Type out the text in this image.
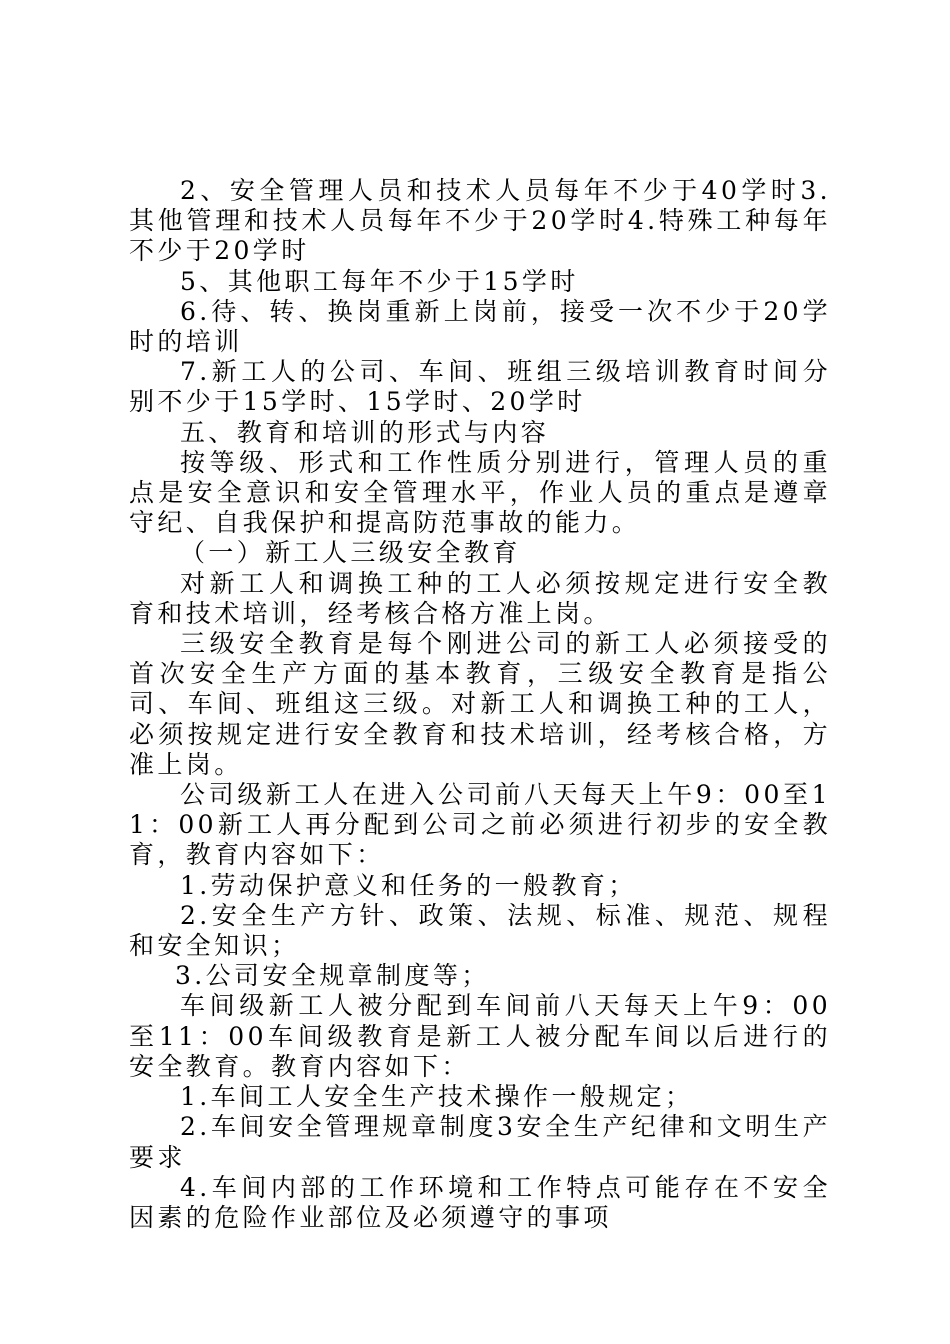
2、安全管理人员和技术人员每年不少于40学时3.其他管理和技术人员每年不少于20学时4.特殊工种每年不少于20学时

5、其他职工每年不少于15学时

6.待、转、换岗重新上岗前，接受一次不少于20学时的培训

7.新工人的公司、车间、班组三级培训教育时间分别不少于15学时、15学时、20学时

五、教育和培训的形式与内容

按等级、形式和工作性质分别进行，管理人员的重点是安全意识和安全管理水平，作业人员的重点是遵章守纪、自我保护和提高防范事故的能力。

（一）新工人三级安全教育

对新工人和调换工种的工人必须按规定进行安全教育和技术培训，经考核合格方准上岗。

三级安全教育是每个刚进公司的新工人必须接受的首次安全生产方面的基本教育，三级安全教育是指公司、车间、班组这三级。对新工人和调换工种的工人，必须按规定进行安全教育和技术培训，经考核合格，方准上岗。

公司级新工人在进入公司前八天每天上午9：00至11：00新工人再分配到公司之前必须进行初步的安全教育，教育内容如下：

1.劳动保护意义和任务的一般教育；

2.安全生产方针、政策、法规、标准、规范、规程和安全知识；

3.公司安全规章制度等；

车间级新工人被分配到车间前八天每天上午9：00至11：00车间级教育是新工人被分配车间以后进行的安全教育。教育内容如下：

1.车间工人安全生产技术操作一般规定；

2.车间安全管理规章制度3安全生产纪律和文明生产要求

4.车间内部的工作环境和工作特点可能存在不安全因素的危险作业部位及必须遵守的事项
